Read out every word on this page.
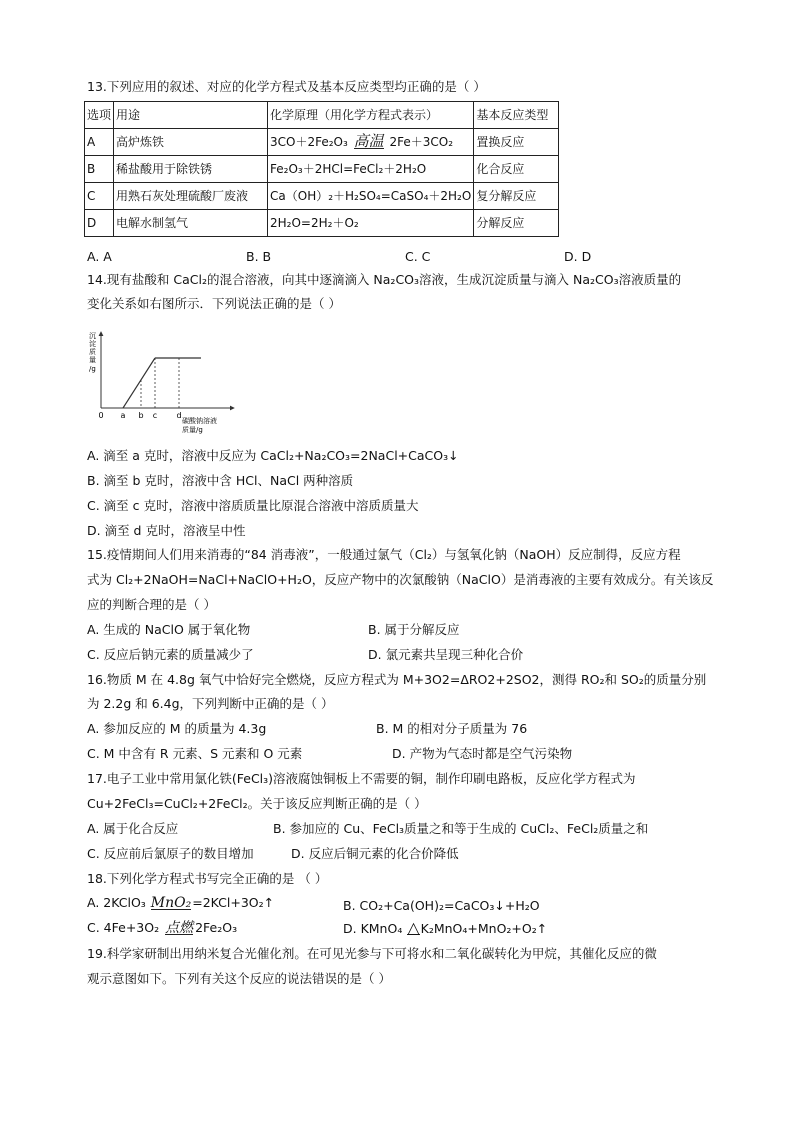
13.下列应用的叙述、对应的化学方程式及基本反应类型均正确的是（ ）
选项	用途	化学原理（用化学方程式表示）	基本反应类型
A	高炉炼铁	3CO＋2Fe₂O₃ 高温 2Fe＋3CO₂	置换反应
B	稀盐酸用于除铁锈	Fe₂O₃＋2HCl=FeCl₂＋2H₂O	化合反应
C	用熟石灰处理硫酸厂废液	Ca（OH）₂＋H₂SO₄=CaSO₄＋2H₂O	复分解反应
D	电解水制氢气	2H₂O=2H₂＋O₂	分解反应
A. A	B. B	C. C	D. D
14.现有盐酸和 CaCl₂的混合溶液，向其中逐滴滴入 Na₂CO₃溶液，生成沉淀质量与滴入 Na₂CO₃溶液质量的
变化关系如右图所示．下列说法正确的是（ ）
沉淀质量/g
0 a b c d
碳酸钠溶液
质量/g
A. 滴至 a 克时，溶液中反应为 CaCl₂+Na₂CO₃=2NaCl+CaCO₃↓
B. 滴至 b 克时，溶液中含 HCl、NaCl 两种溶质
C. 滴至 c 克时，溶液中溶质质量比原混合溶液中溶质质量大
D. 滴至 d 克时，溶液呈中性
15.疫情期间人们用来消毒的“84 消毒液”，一般通过氯气（Cl₂）与氢氧化钠（NaOH）反应制得，反应方程
式为 Cl₂+2NaOH=NaCl+NaClO+H₂O，反应产物中的次氯酸钠（NaClO）是消毒液的主要有效成分。有关该反
应的判断合理的是（ ）
A. 生成的 NaClO 属于氧化物	B. 属于分解反应
C. 反应后钠元素的质量减少了	D. 氯元素共呈现三种化合价
16.物质 M 在 4.8g 氧气中恰好完全燃烧，反应方程式为 M+3O2=ΔRO2+2SO2，测得 RO₂和 SO₂的质量分别
为 2.2g 和 6.4g，下列判断中正确的是（ ）
A. 参加反应的 M 的质量为 4.3g	B. M 的相对分子质量为 76
C. M 中含有 R 元素、S 元素和 O 元素	D. 产物为气态时都是空气污染物
17.电子工业中常用氯化铁(FeCl₃)溶液腐蚀铜板上不需要的铜，制作印刷电路板，反应化学方程式为
Cu+2FeCl₃=CuCl₂+2FeCl₂。关于该反应判断正确的是（ ）
A. 属于化合反应	B. 参加应的 Cu、FeCl₃质量之和等于生成的 CuCl₂、FeCl₂质量之和
C. 反应前后氯原子的数目增加	D. 反应后铜元素的化合价降低
18.下列化学方程式书写完全正确的是 （ ）
A. 2KClO₃ MnO₂=2KCl+3O₂↑	B. CO₂+Ca(OH)₂=CaCO₃↓+H₂O
C. 4Fe+3O₂ 点燃 2Fe₂O₃	D. KMnO₄ △K₂MnO₄+MnO₂+O₂↑
19.科学家研制出用纳米复合光催化剂。在可见光参与下可将水和二氧化碳转化为甲烷，其催化反应的微
观示意图如下。下列有关这个反应的说法错误的是（ ）
